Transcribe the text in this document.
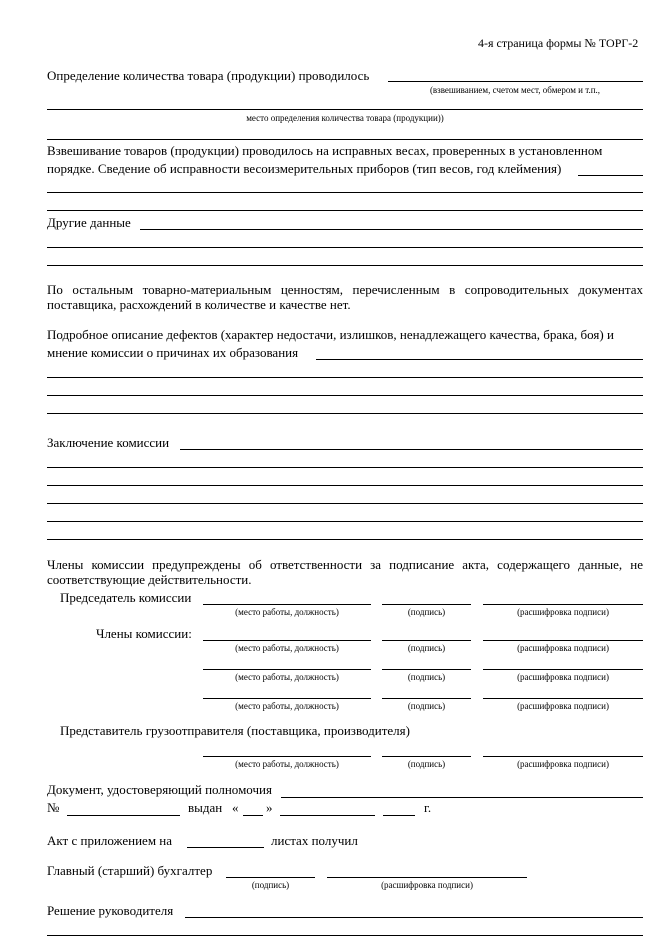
4-я страница формы № ТОРГ-2
Определение количества товара (продукции) проводилось
(взвешиванием, счетом мест, обмером и т.п.,
место определения количества товара (продукции))
Взвешивание товаров (продукции) проводилось на исправных весах, проверенных в установленном
порядке. Сведение об исправности весоизмерительных приборов (тип весов, год клеймения)
Другие данные
По остальным товарно-материальным ценностям, перечисленным в сопроводительных документах поставщика, расхождений в количестве и качестве нет.
Подробное описание дефектов (характер недостачи, излишков, ненадлежащего качества, брака, боя) и
мнение комиссии о причинах их образования
Заключение комиссии
Члены комиссии предупреждены об ответственности за подписание акта, содержащего данные, не соответствующие действительности.
Председатель комиссии
(место работы, должность)	(подпись)	(расшифровка подписи)
Члены комиссии:
(место работы, должность)	(подпись)	(расшифровка подписи)
(место работы, должность)	(подпись)	(расшифровка подписи)
(место работы, должность)	(подпись)	(расшифровка подписи)
Представитель грузоотправителя (поставщика, производителя)
(место работы, должность)	(подпись)	(расшифровка подписи)
Документ, удостоверяющий полномочия
№	выдан « »	г.
Акт с приложением на	листах получил
Главный (старший) бухгалтер
(подпись)	(расшифровка подписи)
Решение руководителя
